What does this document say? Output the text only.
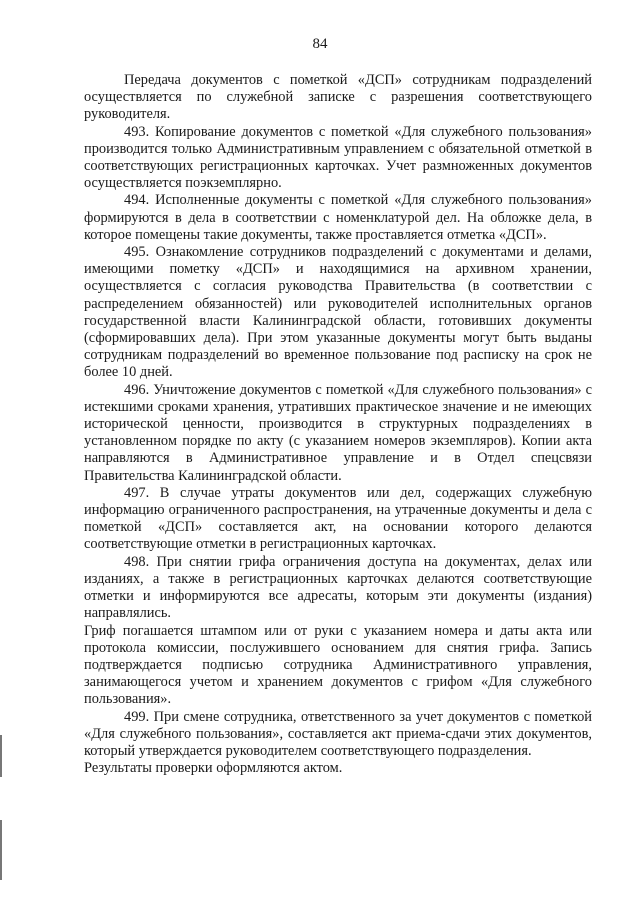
84

Передача документов с пометкой «ДСП» сотрудникам подразделений осуществляется по служебной записке с разрешения соответствующего руководителя.

493. Копирование документов с пометкой «Для служебного пользования» производится только Административным управлением с обязательной отметкой в соответствующих регистрационных карточках. Учет размноженных документов осуществляется поэкземплярно.

494. Исполненные документы с пометкой «Для служебного пользования» формируются в дела в соответствии с номенклатурой дел. На обложке дела, в которое помещены такие документы, также проставляется отметка «ДСП».

495. Ознакомление сотрудников подразделений с документами и делами, имеющими пометку «ДСП» и находящимися на архивном хранении, осуществляется с согласия руководства Правительства (в соответствии с распределением обязанностей) или руководителей исполнительных органов государственной власти Калининградской области, готовивших документы (сформировавших дела). При этом указанные документы могут быть выданы сотрудникам подразделений во временное пользование под расписку на срок не более 10 дней.

496. Уничтожение документов с пометкой «Для служебного пользования» с истекшими сроками хранения, утративших практическое значение и не имеющих исторической ценности, производится в структурных подразделениях в установленном порядке по акту (с указанием номеров экземпляров). Копии акта направляются в Административное управление и в Отдел спецсвязи Правительства Калининградской области.

497. В случае утраты документов или дел, содержащих служебную информацию ограниченного распространения, на утраченные документы и дела с пометкой «ДСП» составляется акт, на основании которого делаются соответствующие отметки в регистрационных карточках.

498. При снятии грифа ограничения доступа на документах, делах или изданиях, а также в регистрационных карточках делаются соответствующие отметки и информируются все адресаты, которым эти документы (издания) направлялись.

Гриф погашается штампом или от руки с указанием номера и даты акта или протокола комиссии, послужившего основанием для снятия грифа. Запись подтверждается подписью сотрудника Административного управления, занимающегося учетом и хранением документов с грифом «Для служебного пользования».

499. При смене сотрудника, ответственного за учет документов с пометкой «Для служебного пользования», составляется акт приема-сдачи этих документов, который утверждается руководителем соответствующего подразделения.

Результаты проверки оформляются актом.
